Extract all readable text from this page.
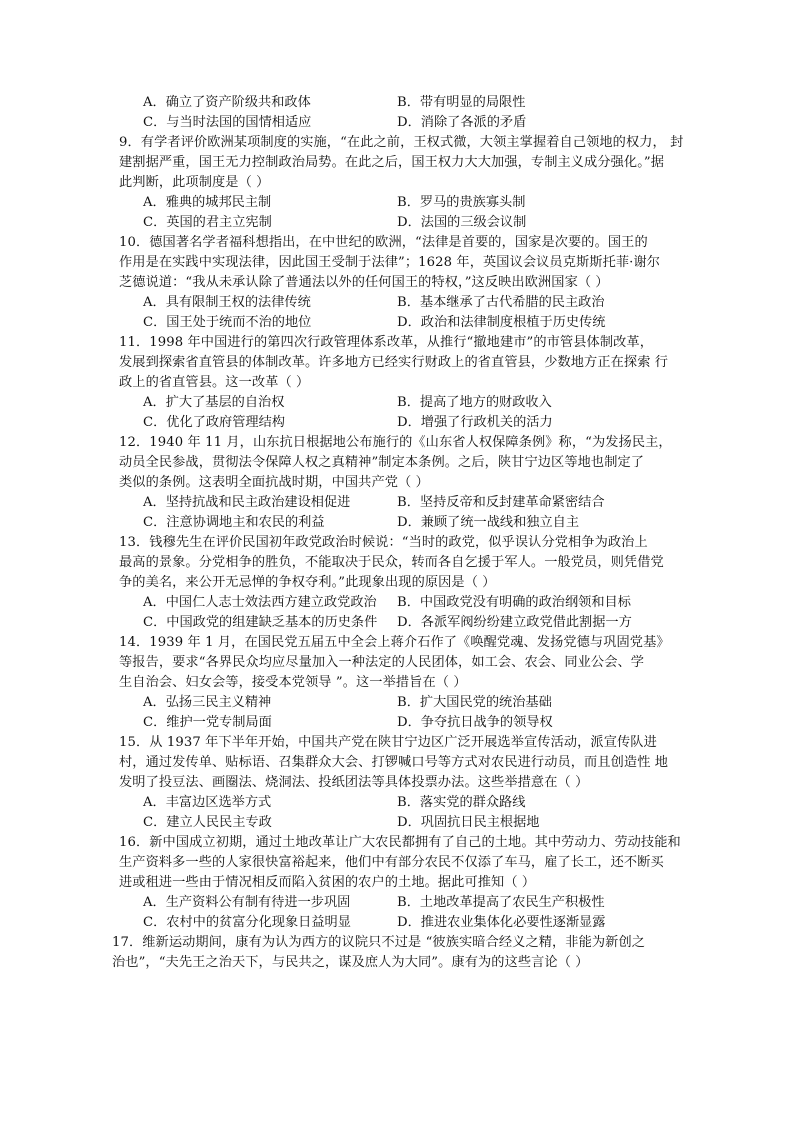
A．确立了资产阶级共和政体	B．带有明显的局限性
C．与当时法国的国情相适应	D．消除了各派的矛盾
9．有学者评价欧洲某项制度的实施，“在此之前，王权式微，大领主掌握着自己领地的权力， 封
建割据严重，国王无力控制政治局势。在此之后，国王权力大大加强，专制主义成分强化。”据
此判断，此项制度是（ ）
A．雅典的城邦民主制	B．罗马的贵族寡头制
C．英国的君主立宪制	D．法国的三级会议制
10．德国著名学者福科想指出，在中世纪的欧洲，“法律是首要的，国家是次要的。国王的
作用是在实践中实现法律，因此国王受制于法律”；1628 年，英国议会议员克斯斯托菲·谢尔
芝德说道：“我从未承认除了普通法以外的任何国王的特权，”这反映出欧洲国家（ ）
A．具有限制王权的法律传统	B．基本继承了古代希腊的民主政治
C．国王处于统而不治的地位	D．政治和法律制度根植于历史传统
11．1998 年中国进行的第四次行政管理体系改革，从推行“撤地建市”的市管县体制改革，
发展到探索省直管县的体制改革。许多地方已经实行财政上的省直管县，少数地方正在探索 行
政上的省直管县。这一改革（ ）
A．扩大了基层的自治权	B．提高了地方的财政收入
C．优化了政府管理结构	D．增强了行政机关的活力
12．1940 年 11 月，山东抗日根据地公布施行的《山东省人权保障条例》称，“为发扬民主，
动员全民参战，贯彻法令保障人权之真精神”制定本条例。之后，陕甘宁边区等地也制定了
类似的条例。这表明全面抗战时期，中国共产党（ ）
A．坚持抗战和民主政治建设相促进	B．坚持反帝和反封建革命紧密结合
C．注意协调地主和农民的利益	D．兼顾了统一战线和独立自主
13．钱穆先生在评价民国初年政党政治时候说：“当时的政党，似乎误认分党相争为政治上
最高的景象。分党相争的胜负，不能取决于民众，转而各自乞援于军人。一般党员，则凭借党
争的美名，来公开无忌惮的争权夺利。”此现象出现的原因是（ ）
A．中国仁人志士效法西方建立政党政治 B．中国政党没有明确的政治纲领和目标
C．中国政党的组建缺乏基本的历史条件 D．各派军阀纷纷建立政党借此割据一方
14．1939 年 1 月，在国民党五届五中全会上蒋介石作了《唤醒党魂、发扬党德与巩固党基》
等报告，要求“各界民众均应尽量加入一种法定的人民团体，如工会、农会、同业公会、学
生自治会、妇女会等，接受本党领导 ”。这一举措旨在（ ）
A．弘扬三民主义精神	B．扩大国民党的统治基础
C．维护一党专制局面	D．争夺抗日战争的领导权
15．从 1937 年下半年开始，中国共产党在陕甘宁边区广泛开展选举宣传活动，派宣传队进
村，通过发传单、贴标语、召集群众大会、打锣喊口号等方式对农民进行动员，而且创造性 地
发明了投豆法、画圈法、烧洞法、投纸团法等具体投票办法。这些举措意在（ ）
A．丰富边区选举方式	B．落实党的群众路线
C．建立人民民主专政	D．巩固抗日民主根据地
16．新中国成立初期，通过土地改革让广大农民都拥有了自己的土地。其中劳动力、劳动技能和
生产资料多一些的人家很快富裕起来，他们中有部分农民不仅添了车马，雇了长工，还不断买
进或租进一些由于情况相反而陷入贫困的农户的土地。据此可推知（ ）
A．生产资料公有制有待进一步巩固	B．土地改革提高了农民生产积极性
C．农村中的贫富分化现象日益明显	D．推进农业集体化必要性逐渐显露
17．维新运动期间，康有为认为西方的议院只不过是 “彼族实暗合经义之精，非能为新创之
治也”，“夫先王之治天下，与民共之，谋及庶人为大同”。康有为的这些言论（ ）
